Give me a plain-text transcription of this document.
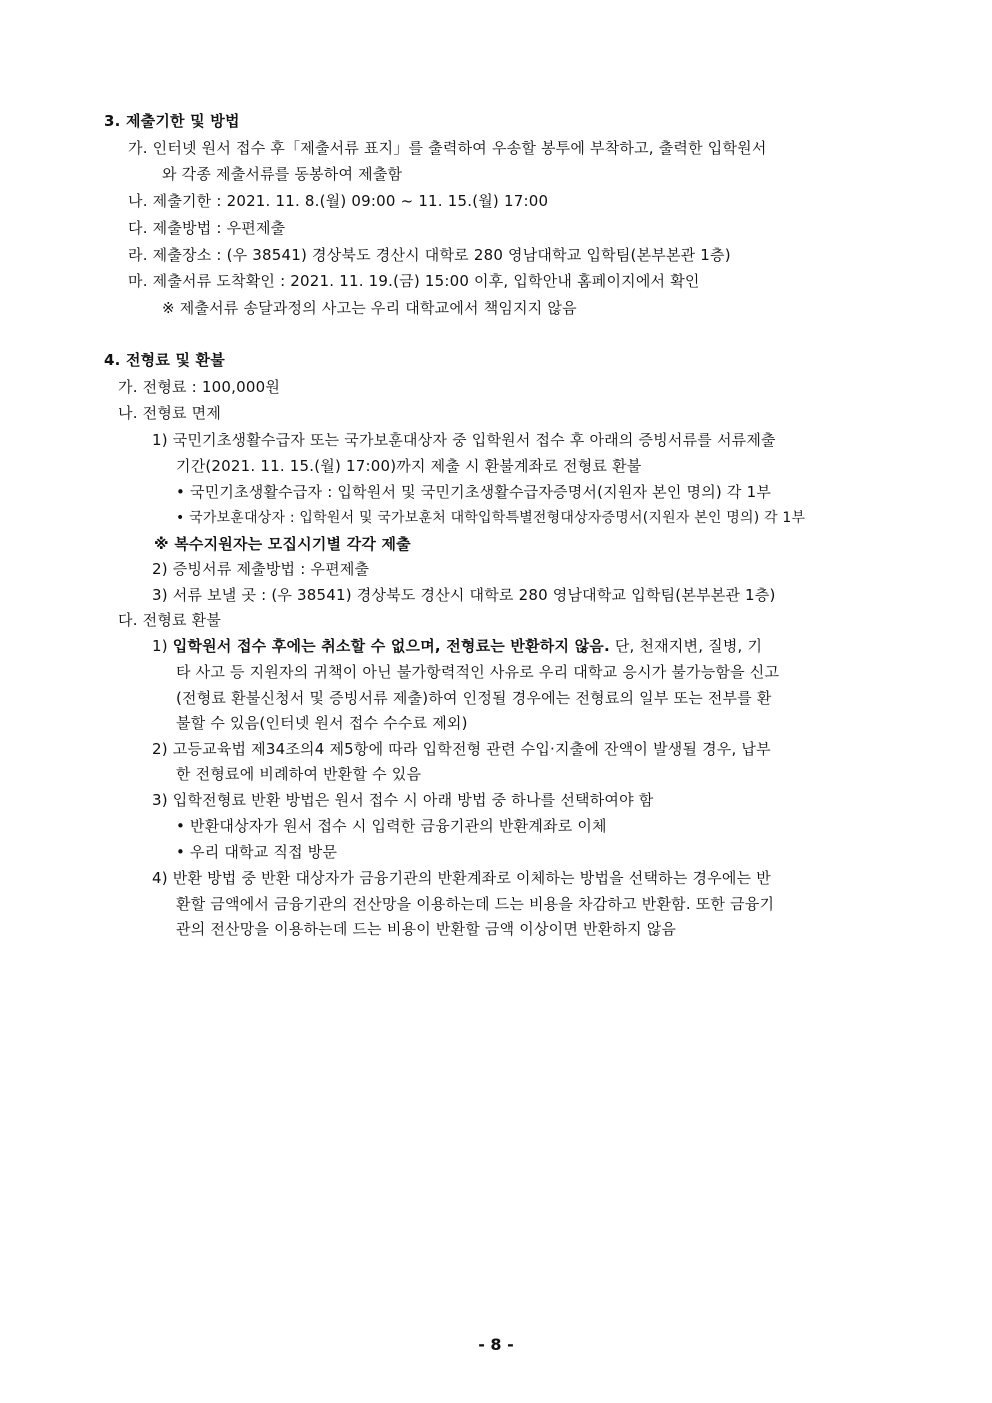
3. 제출기한 및 방법
가. 인터넷 원서 접수 후「제출서류 표지」를 출력하여 우송할 봉투에 부착하고, 출력한 입학원서
와 각종 제출서류를 동봉하여 제출함
나. 제출기한 : 2021. 11. 8.(월) 09:00 ~ 11. 15.(월) 17:00
다. 제출방법 : 우편제출
라. 제출장소 : (우 38541) 경상북도 경산시 대학로 280 영남대학교 입학팀(본부본관 1층)
마. 제출서류 도착확인 : 2021. 11. 19.(금) 15:00 이후, 입학안내 홈페이지에서 확인
※ 제출서류 송달과정의 사고는 우리 대학교에서 책임지지 않음
4. 전형료 및 환불
가. 전형료 : 100,000원
나. 전형료 면제
1) 국민기초생활수급자 또는 국가보훈대상자 중 입학원서 접수 후 아래의 증빙서류를 서류제출
기간(2021. 11. 15.(월) 17:00)까지 제출 시 환불계좌로 전형료 환불
• 국민기초생활수급자 : 입학원서 및 국민기초생활수급자증명서(지원자 본인 명의) 각 1부
• 국가보훈대상자 : 입학원서 및 국가보훈처 대학입학특별전형대상자증명서(지원자 본인 명의) 각 1부
※ 복수지원자는 모집시기별 각각 제출
2) 증빙서류 제출방법 : 우편제출
3) 서류 보낼 곳 : (우 38541) 경상북도 경산시 대학로 280 영남대학교 입학팀(본부본관 1층)
다. 전형료 환불
1) 입학원서 접수 후에는 취소할 수 없으며, 전형료는 반환하지 않음. 단, 천재지변, 질병, 기
타 사고 등 지원자의 귀책이 아닌 불가항력적인 사유로 우리 대학교 응시가 불가능함을 신고
(전형료 환불신청서 및 증빙서류 제출)하여 인정될 경우에는 전형료의 일부 또는 전부를 환
불할 수 있음(인터넷 원서 접수 수수료 제외)
2) 고등교육법 제34조의4 제5항에 따라 입학전형 관련 수입·지출에 잔액이 발생될 경우, 납부
한 전형료에 비례하여 반환할 수 있음
3) 입학전형료 반환 방법은 원서 접수 시 아래 방법 중 하나를 선택하여야 함
• 반환대상자가 원서 접수 시 입력한 금융기관의 반환계좌로 이체
• 우리 대학교 직접 방문
4) 반환 방법 중 반환 대상자가 금융기관의 반환계좌로 이체하는 방법을 선택하는 경우에는 반
환할 금액에서 금융기관의 전산망을 이용하는데 드는 비용을 차감하고 반환함. 또한 금융기
관의 전산망을 이용하는데 드는 비용이 반환할 금액 이상이면 반환하지 않음
- 8 -
